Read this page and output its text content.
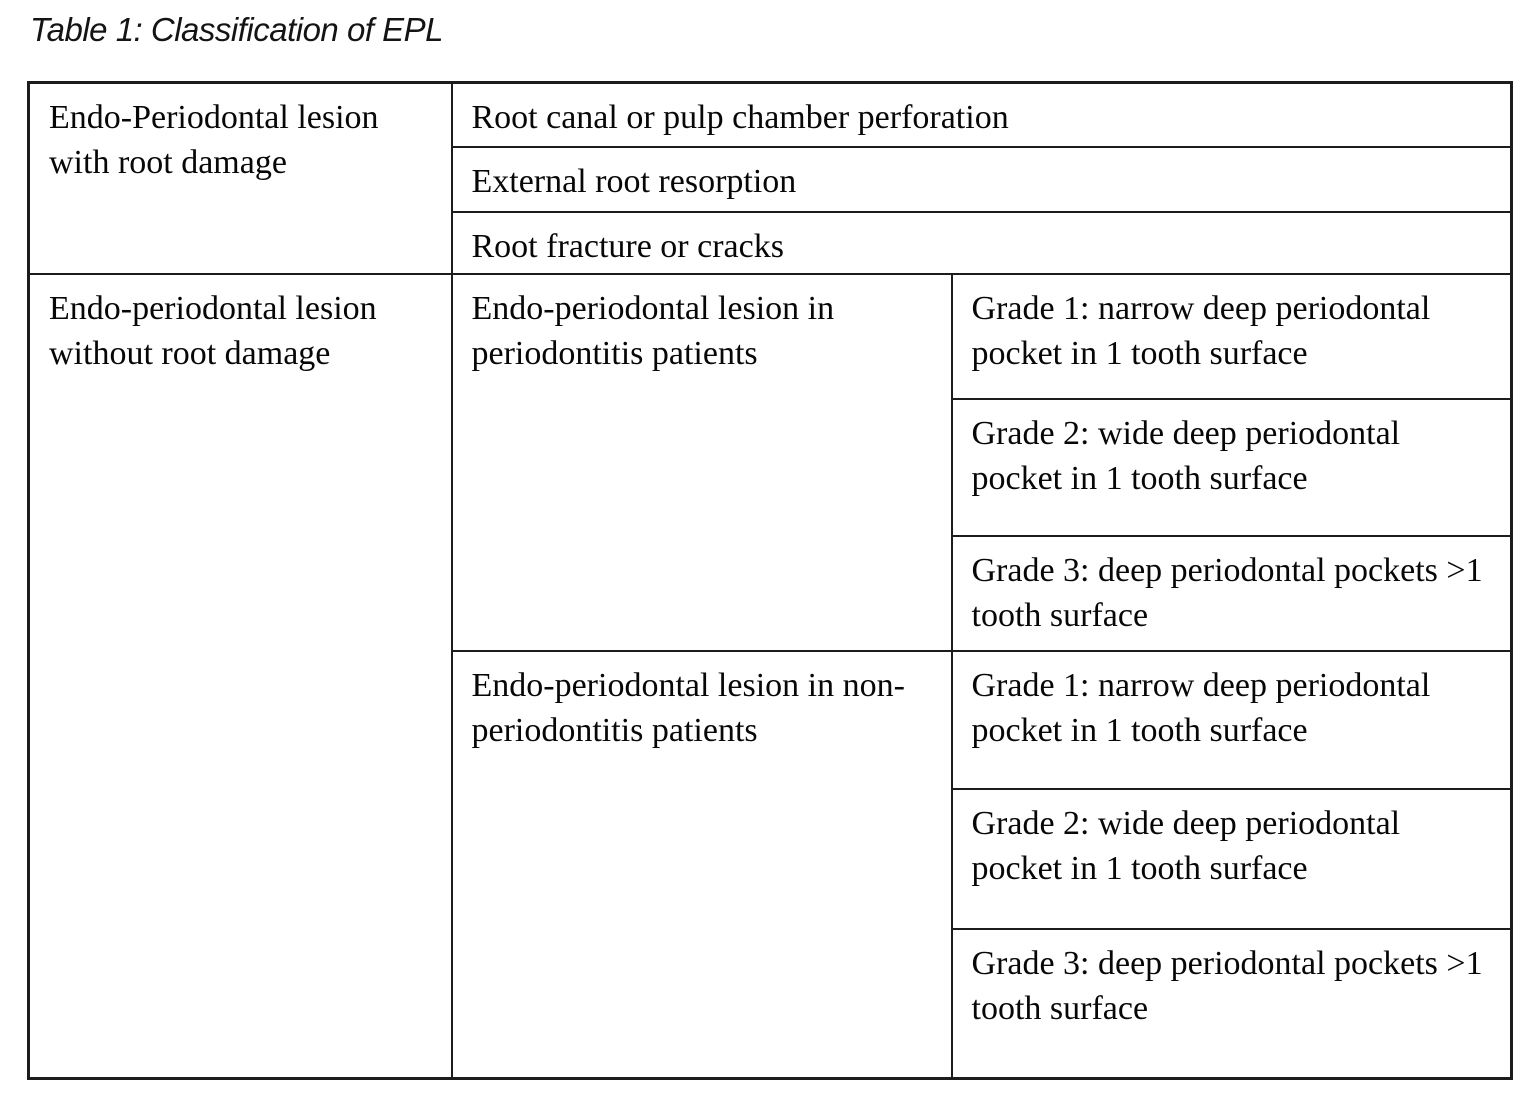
Table 1: Classification of EPL
Endo-Periodontal lesion with root damage	Root canal or pulp chamber perforation	
	External root resorption	
	Root fracture or cracks	
Endo-periodontal lesion without root damage	Endo-periodontal lesion in periodontitis patients	Grade 1: narrow deep periodontal pocket in 1 tooth surface
		Grade 2: wide deep periodontal pocket in 1 tooth surface
		Grade 3: deep periodontal pockets >1 tooth surface
	Endo-periodontal lesion in non-periodontitis patients	Grade 1: narrow deep periodontal pocket in 1 tooth surface
		Grade 2: wide deep periodontal pocket in 1 tooth surface
		Grade 3: deep periodontal pockets >1 tooth surface
